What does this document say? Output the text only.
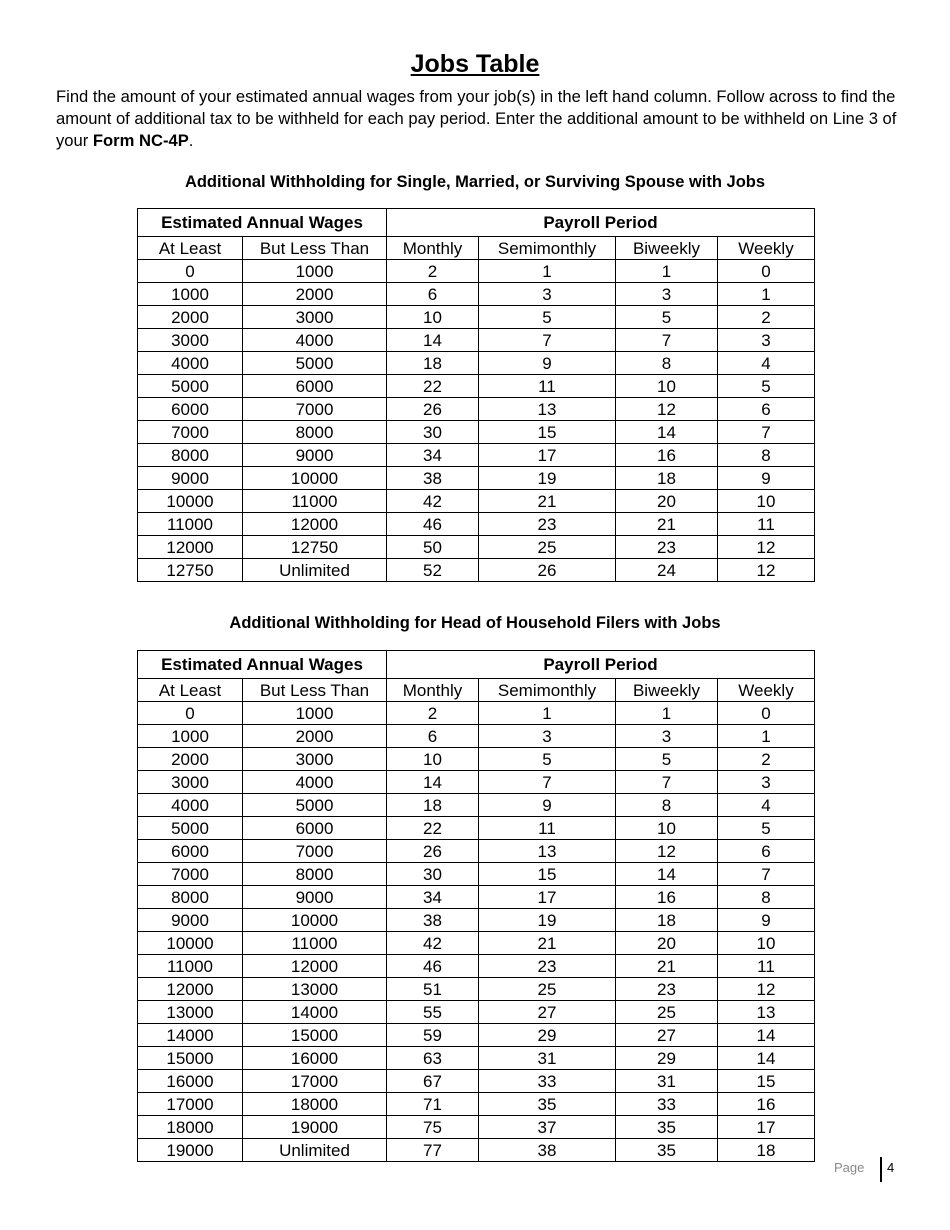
Jobs Table
Find the amount of your estimated annual wages from your job(s) in the left hand column. Follow across to find the amount of additional tax to be withheld for each pay period. Enter the additional amount to be withheld on Line 3 of your Form NC-4P.
Additional Withholding for Single, Married, or Surviving Spouse with Jobs
Estimated Annual Wages		Payroll Period			
At Least	But Less Than	Monthly	Semimonthly	Biweekly	Weekly
0	1000	2	1	1	0
1000	2000	6	3	3	1
2000	3000	10	5	5	2
3000	4000	14	7	7	3
4000	5000	18	9	8	4
5000	6000	22	11	10	5
6000	7000	26	13	12	6
7000	8000	30	15	14	7
8000	9000	34	17	16	8
9000	10000	38	19	18	9
10000	11000	42	21	20	10
11000	12000	46	23	21	11
12000	12750	50	25	23	12
12750	Unlimited	52	26	24	12
Additional Withholding for Head of Household Filers with Jobs
Estimated Annual Wages		Payroll Period			
At Least	But Less Than	Monthly	Semimonthly	Biweekly	Weekly
0	1000	2	1	1	0
1000	2000	6	3	3	1
2000	3000	10	5	5	2
3000	4000	14	7	7	3
4000	5000	18	9	8	4
5000	6000	22	11	10	5
6000	7000	26	13	12	6
7000	8000	30	15	14	7
8000	9000	34	17	16	8
9000	10000	38	19	18	9
10000	11000	42	21	20	10
11000	12000	46	23	21	11
12000	13000	51	25	23	12
13000	14000	55	27	25	13
14000	15000	59	29	27	14
15000	16000	63	31	29	14
16000	17000	67	33	31	15
17000	18000	71	35	33	16
18000	19000	75	37	35	17
19000	Unlimited	77	38	35	18
Page 4
